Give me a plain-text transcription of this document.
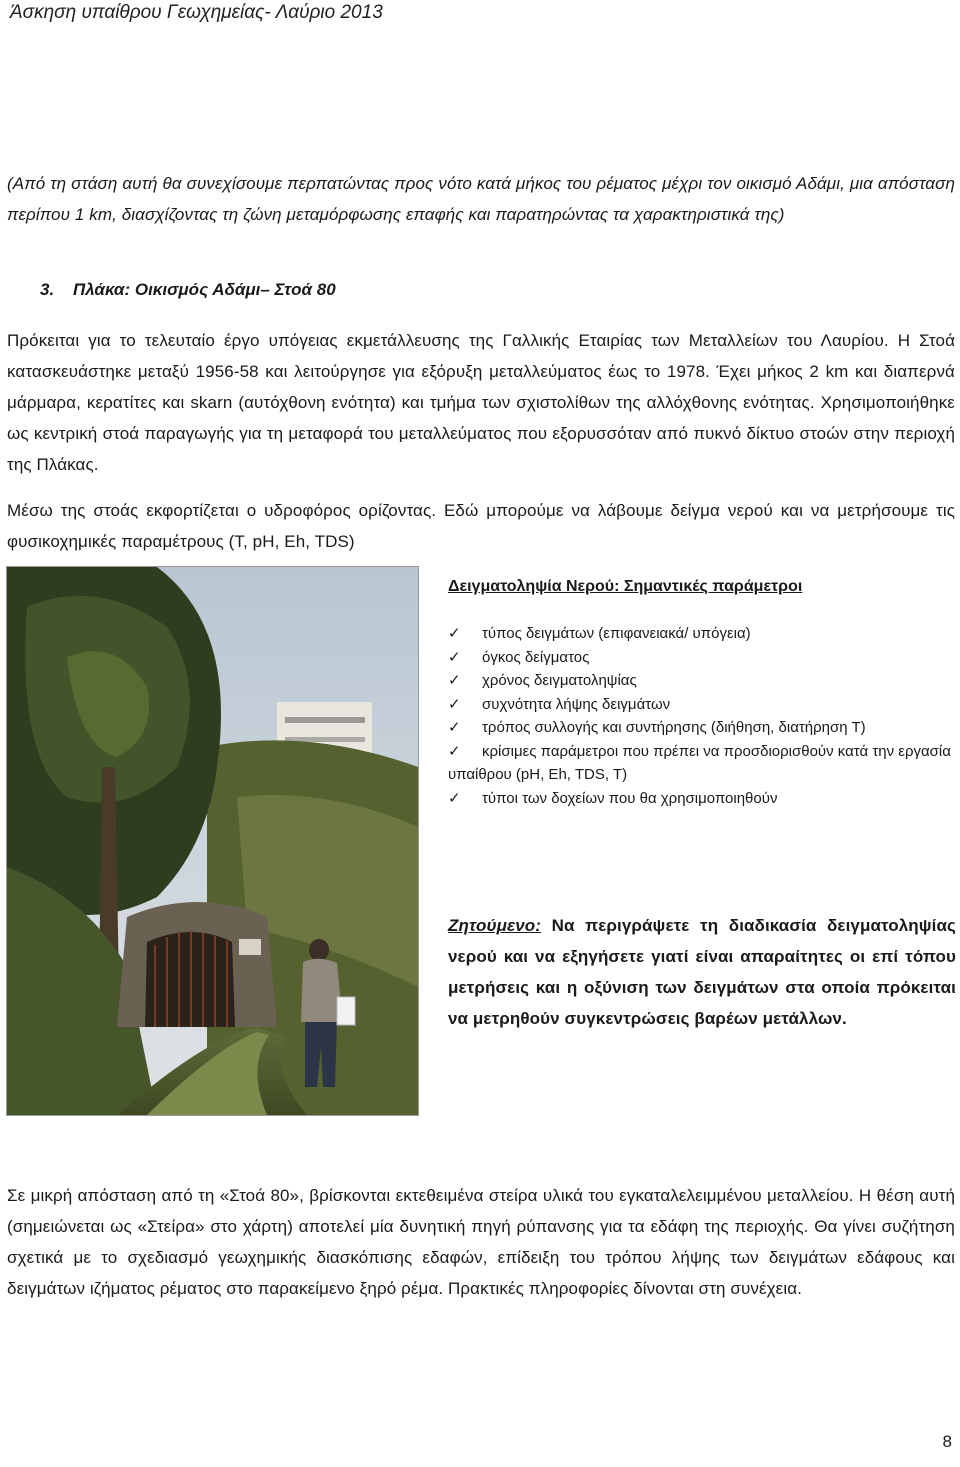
Άσκηση υπαίθρου Γεωχημείας- Λαύριο 2013
(Από τη στάση αυτή θα συνεχίσουμε περπατώντας προς νότο κατά μήκος του ρέματος μέχρι τον οικισμό Αδάμι, μια απόσταση περίπου 1 km, διασχίζοντας τη ζώνη μεταμόρφωσης επαφής και παρατηρώντας τα χαρακτηριστικά της)
3. Πλάκα: Οικισμός Αδάμι– Στοά 80
Πρόκειται για το τελευταίο έργο υπόγειας εκμετάλλευσης της Γαλλικής Εταιρίας των Μεταλλείων του Λαυρίου. Η Στοά κατασκευάστηκε μεταξύ 1956-58 και λειτούργησε για εξόρυξη μεταλλεύματος έως το 1978. Έχει μήκος 2 km και διαπερνά μάρμαρα, κερατίτες και skarn (αυτόχθονη ενότητα) και τμήμα των σχιστολίθων της αλλόχθονης ενότητας. Χρησιμοποιήθηκε ως κεντρική στοά παραγωγής για τη μεταφορά του μεταλλεύματος που εξορυσσόταν από πυκνό δίκτυο στοών στην περιοχή της Πλάκας.
Μέσω της στοάς εκφορτίζεται ο υδροφόρος ορίζοντας. Εδώ μπορούμε να λάβουμε δείγμα νερού και να μετρήσουμε τις φυσικοχημικές παραμέτρους (T, pH, Eh, TDS)
Δειγματοληψία Νερού: Σημαντικές παράμετροι
✓ τύπος δειγμάτων (επιφανειακά/ υπόγεια)
✓ όγκος δείγματος
✓ χρόνος δειγματοληψίας
✓ συχνότητα λήψης δειγμάτων
✓ τρόπος συλλογής και συντήρησης (διήθηση, διατήρηση Τ)
✓ κρίσιμες παράμετροι που πρέπει να προσδιορισθούν κατά την εργασία υπαίθρου (pH, Eh, TDS, T)
✓ τύποι των δοχείων που θα χρησιμοποιηθούν
Ζητούμενο: Να περιγράψετε τη διαδικασία δειγματοληψίας νερού και να εξηγήσετε γιατί είναι απαραίτητες οι επί τόπου μετρήσεις και η οξύνιση των δειγμάτων στα οποία πρόκειται να μετρηθούν συγκεντρώσεις βαρέων μετάλλων.
Σε μικρή απόσταση από τη «Στοά 80», βρίσκονται εκτεθειμένα στείρα υλικά του εγκαταλελειμμένου μεταλλείου. Η θέση αυτή (σημειώνεται ως «Στείρα» στο χάρτη) αποτελεί μία δυνητική πηγή ρύπανσης για τα εδάφη της περιοχής. Θα γίνει συζήτηση σχετικά με το σχεδιασμό γεωχημικής διασκόπισης εδαφών, επίδειξη του τρόπου λήψης των δειγμάτων εδάφους και δειγμάτων ιζήματος ρέματος στο παρακείμενο ξηρό ρέμα. Πρακτικές πληροφορίες δίνονται στη συνέχεια.
8
